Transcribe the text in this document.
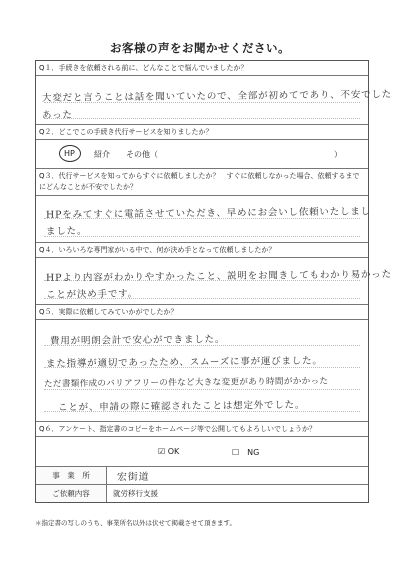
お客様の声をお聞かせください。
Q１．手続きを依頼される前に、どんなことで悩んでいましたか？
大変だと言うことは話を聞いていたので、全部が初めてであり、不安でした
あった
Q２．どこでこの手続き代行サービスを知りましたか？
HP 紹介 その他（	）
Q３．代行サービスを知ってからすぐに依頼しましたか？　すぐに依頼しなかった場合、依頼するまでにどんなことが不安でしたか？
HPをみてすぐに電話させていただき、早めにお会いし依頼いたしまし
ました。
Q４．いろいろな専門家がいる中で、何が決め手となって依頼しましたか？
HPより内容がわかりやすかったこと、説明をお聞きしてもわかり易かった
ことが決め手です。
Q５．実際に依頼してみていかがでしたか？
費用が明朗会計で安心ができました。
また指導が適切であったため、スムーズに事が運びました。
ただ書類作成のバリアフリーの件など大きな変更があり時間がかかった
ことが、申請の際に確認されたことは想定外でした。
Q６．アンケート、指定書のコピーをホームページ等で公開してもよろしいでしょうか？
☑ OK	☐　NG
事　業　所	宏街道
ご依頼内容	就労移行支援
＊指定書の写しのうち、事業所名以外は伏せて掲載させて頂きます。
